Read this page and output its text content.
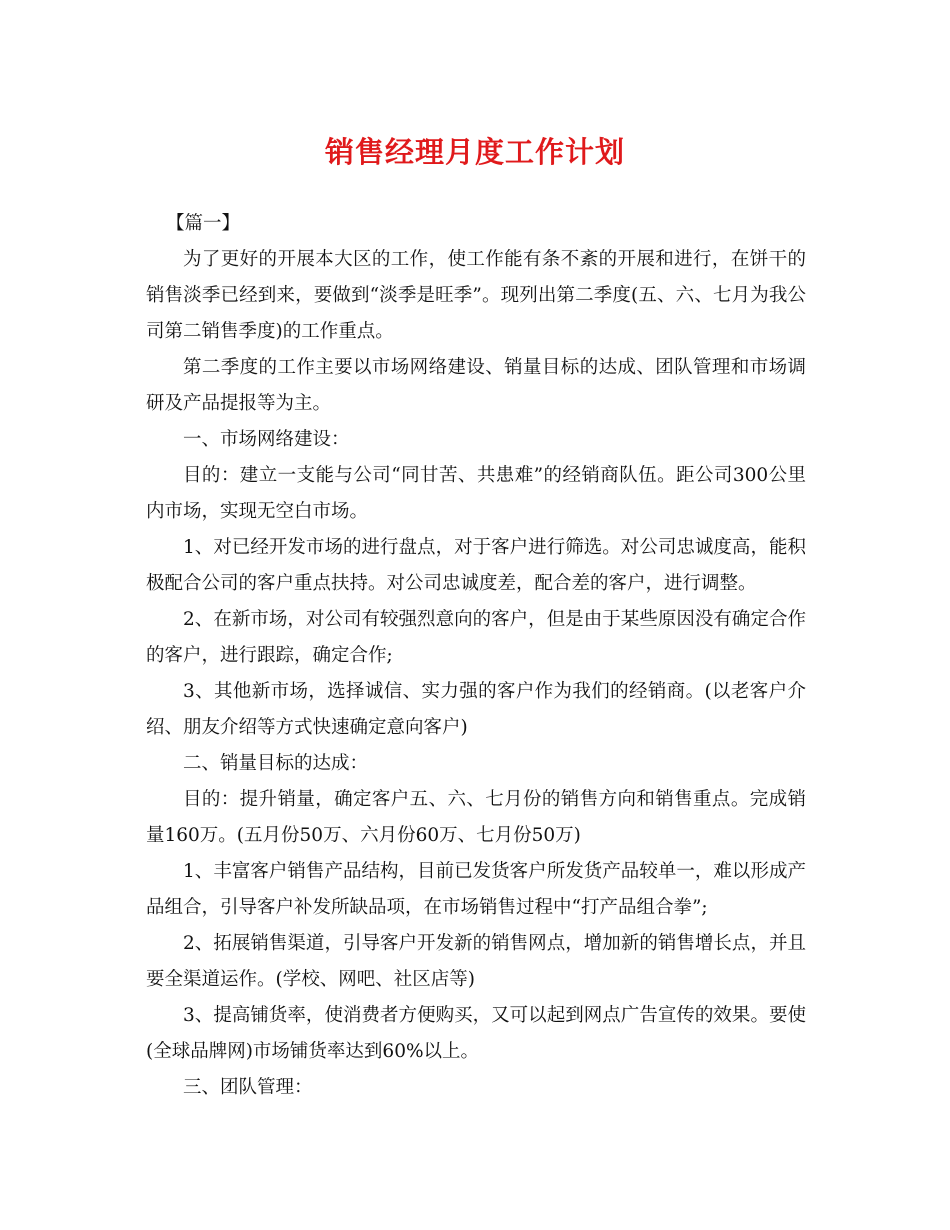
销售经理月度工作计划

【篇一】

为了更好的开展本大区的工作，使工作能有条不紊的开展和进行，在饼干的销售淡季已经到来，要做到“淡季是旺季”。现列出第二季度(五、六、七月为我公司第二销售季度)的工作重点。

第二季度的工作主要以市场网络建设、销量目标的达成、团队管理和市场调研及产品提报等为主。

一、市场网络建设：

目的：建立一支能与公司“同甘苦、共患难”的经销商队伍。距公司300公里内市场，实现无空白市场。

1、对已经开发市场的进行盘点，对于客户进行筛选。对公司忠诚度高，能积极配合公司的客户重点扶持。对公司忠诚度差，配合差的客户，进行调整。

2、在新市场，对公司有较强烈意向的客户，但是由于某些原因没有确定合作的客户，进行跟踪，确定合作;

3、其他新市场，选择诚信、实力强的客户作为我们的经销商。(以老客户介绍、朋友介绍等方式快速确定意向客户)

二、销量目标的达成：

目的：提升销量，确定客户五、六、七月份的销售方向和销售重点。完成销量160万。(五月份50万、六月份60万、七月份50万)

1、丰富客户销售产品结构，目前已发货客户所发货产品较单一，难以形成产品组合，引导客户补发所缺品项，在市场销售过程中“打产品组合拳”;

2、拓展销售渠道，引导客户开发新的销售网点，增加新的销售增长点，并且要全渠道运作。(学校、网吧、社区店等)

3、提高铺货率，使消费者方便购买，又可以起到网点广告宣传的效果。要使(全球品牌网)市场铺货率达到60%以上。

三、团队管理：
